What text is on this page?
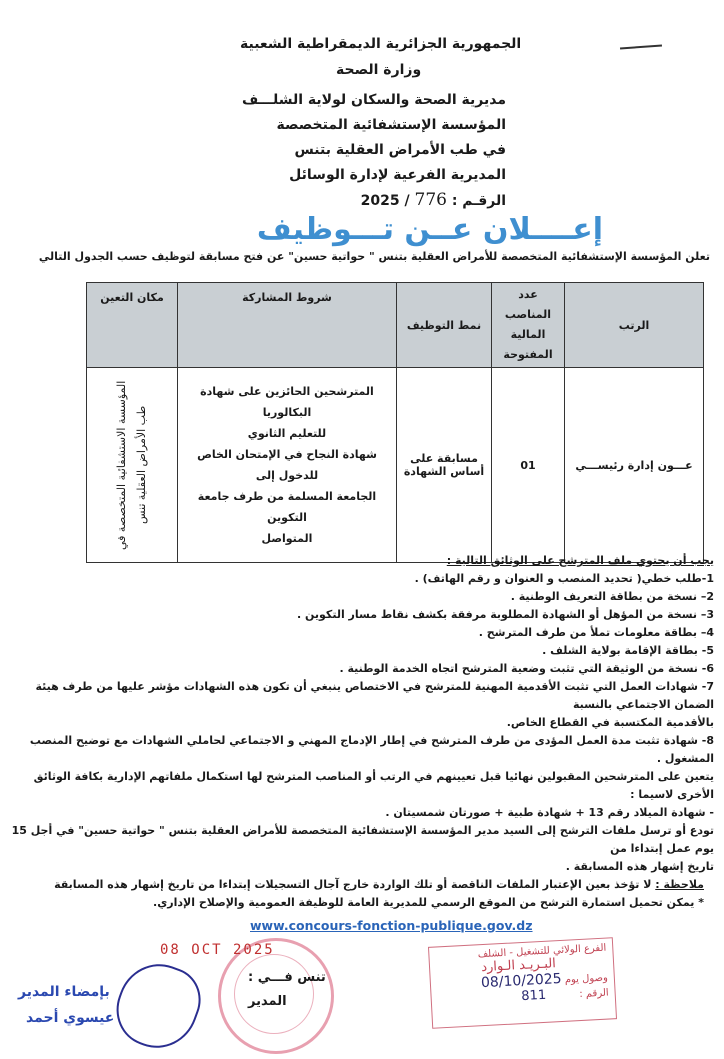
الجمهورية الجزائرية الديمقراطية الشعبية
وزارة الصحة
مديرية الصحة والسكان لولاية الشلـــف
المؤسسة الإستشفائية المتخصصة
في طب الأمراض العقلية بتنس
المديرية الفرعية لإدارة الوسائل
الرقـم : 776 / 2025
إعــــلان عــن تـــوظيف
تعلن المؤسسة الإستشفائية المتخصصة للأمراض العقلية بتنس " حواتية حسين" عن فتح مسابقة لتوظيف حسب الجدول التالي
الرتب	عدد المناصب المالية المفتوحة	نمط التوظيف	شروط المشاركة	مكان التعين
عـــون إدارة رئيســـي	01	مسابقة على أساس الشهادة	المترشحين الحائزين على شهادة البكالوريا
للتعليم الثانوي
شهادة النجاح في الإمتحان الخاص للدخول إلى
الجامعة المسلمة من طرف جامعة التكوين
المتواصل	المؤسسة الاستشفائية المتخصصة في طب الأمراض العقلية تنس
يجب أن يحتوي ملف المترشح على الوثائق التالية :
1-طلب خطي( تحديد المنصب و العنوان و رقم الهاتف) .
2– نسخة من بطاقة التعريف الوطنية .
3– نسخة من المؤهل أو الشهادة المطلوبة مرفقة بكشف نقاط مسار التكوين .
4– بطاقة معلومات تملأ من طرف المترشح .
5- بطاقة الإقامة بولاية الشلف .
6- نسخة من الوثيقة التي تثبت وضعية المترشح اتجاه الخدمة الوطنية .
7- شهادات العمل التي تثبت الأقدمية المهنية للمترشح في الاختصاص ينبغي أن تكون هذه الشهادات مؤشر عليها من طرف هيئة الضمان الاجتماعي بالنسبة
بالأقدمية المكتسبة في القطاع الخاص.
8- شهادة تثبت مدة العمل المؤدى من طرف المترشح في إطار الإدماج المهني و الاجتماعي لحاملي الشهادات مع توضيح المنصب المشغول .
يتعين على المترشحين المقبولين نهائيا قبل تعيينهم في الرتب أو المناصب المترشح لها استكمال ملفاتهم الإدارية بكافة الوثائق الأخرى لاسيما :
- شهادة الميلاد رقم 13 + شهادة طبية + صورتان شمسيتان .
تودع أو ترسل ملفات الترشح إلى السيد مدير المؤسسة الإستشفائية المتخصصة للأمراض العقلية بتنس " حواتية حسين" في أجل 15 يوم عمل إبتداءا من
تاريخ إشهار هذه المسابقة .
ملاحظة : لا تؤخذ بعين الإعتبار الملفات الناقصة أو تلك الواردة خارج آجال التسجيلات إبتداءا من تاريخ إشهار هذه المسابقة
* يمكن تحميل استمارة الترشح من الموقع الرسمي للمديرية العامة للوظيفة العمومية والإصلاح الإداري.
www.concours-fonction-publique.gov.dz
08 OCT 2025
تنس فـــي :
المدير
بإمضاء المدير
عيسوي أحمد
الفرع الولائي للتشغيل - الشلف
البـريـد الـوارد
وصول يوم 08/10/2025
الرقم : 811
